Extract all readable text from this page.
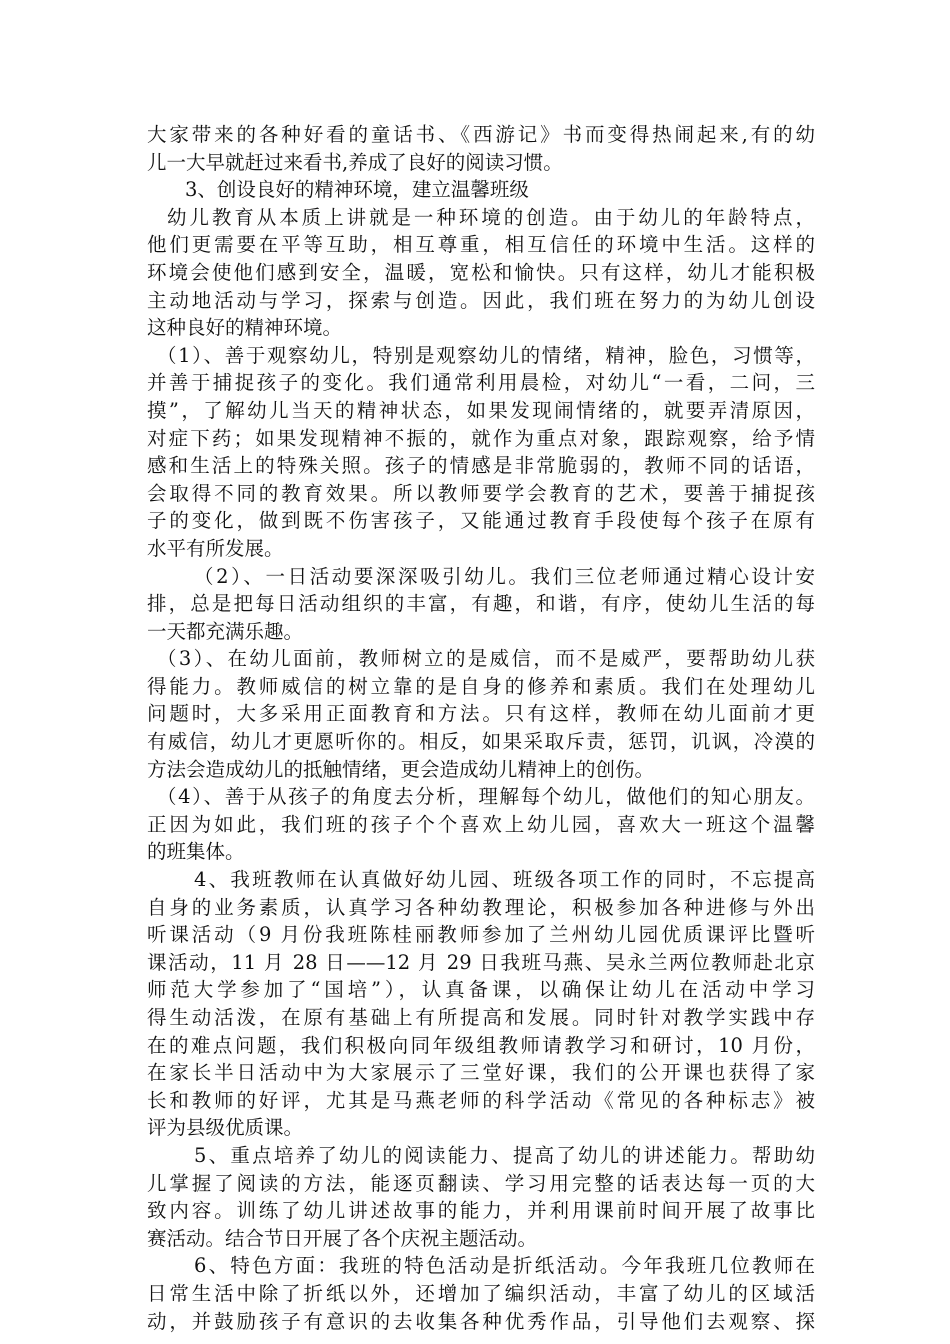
大家带来的各种好看的童话书、《西游记》书而变得热闹起来,有的幼
儿一大早就赶过来看书,养成了良好的阅读习惯。
3、创设良好的精神环境，建立温馨班级
幼儿教育从本质上讲就是一种环境的创造。由于幼儿的年龄特点，
他们更需要在平等互助，相互尊重，相互信任的环境中生活。这样的
环境会使他们感到安全，温暖，宽松和愉快。只有这样，幼儿才能积极
主动地活动与学习，探索与创造。因此，我们班在努力的为幼儿创设
这种良好的精神环境。
（1）、善于观察幼儿，特别是观察幼儿的情绪，精神，脸色，习惯等，
并善于捕捉孩子的变化。我们通常利用晨检，对幼儿“一看，二问，三
摸”，了解幼儿当天的精神状态，如果发现闹情绪的，就要弄清原因，
对症下药；如果发现精神不振的，就作为重点对象，跟踪观察，给予情
感和生活上的特殊关照。孩子的情感是非常脆弱的，教师不同的话语，
会取得不同的教育效果。所以教师要学会教育的艺术，要善于捕捉孩
子的变化，做到既不伤害孩子，又能通过教育手段使每个孩子在原有
水平有所发展。
（2）、一日活动要深深吸引幼儿。我们三位老师通过精心设计安
排，总是把每日活动组织的丰富，有趣，和谐，有序，使幼儿生活的每
一天都充满乐趣。
（3）、在幼儿面前，教师树立的是威信，而不是威严，要帮助幼儿获
得能力。教师威信的树立靠的是自身的修养和素质。我们在处理幼儿
问题时，大多采用正面教育和方法。只有这样，教师在幼儿面前才更
有威信，幼儿才更愿听你的。相反，如果采取斥责，惩罚，讥讽，冷漠的
方法会造成幼儿的抵触情绪，更会造成幼儿精神上的创伤。
（4）、善于从孩子的角度去分析，理解每个幼儿，做他们的知心朋友。
正因为如此，我们班的孩子个个喜欢上幼儿园，喜欢大一班这个温馨
的班集体。
4、我班教师在认真做好幼儿园、班级各项工作的同时，不忘提高
自身的业务素质，认真学习各种幼教理论，积极参加各种进修与外出
听课活动（9 月份我班陈桂丽教师参加了兰州幼儿园优质课评比暨听
课活动，11 月 28 日——12 月 29 日我班马燕、吴永兰两位教师赴北京
师范大学参加了“国培”），认真备课，以确保让幼儿在活动中学习
得生动活泼，在原有基础上有所提高和发展。同时针对教学实践中存
在的难点问题，我们积极向同年级组教师请教学习和研讨，10 月份，
在家长半日活动中为大家展示了三堂好课，我们的公开课也获得了家
长和教师的好评，尤其是马燕老师的科学活动《常见的各种标志》被
评为县级优质课。
5、重点培养了幼儿的阅读能力、提高了幼儿的讲述能力。帮助幼
儿掌握了阅读的方法，能逐页翻读、学习用完整的话表达每一页的大
致内容。训练了幼儿讲述故事的能力，并利用课前时间开展了故事比
赛活动。结合节日开展了各个庆祝主题活动。
6、特色方面：我班的特色活动是折纸活动。今年我班几位教师在
日常生活中除了折纸以外，还增加了编织活动，丰富了幼儿的区域活
动，并鼓励孩子有意识的去收集各种优秀作品，引导他们去观察、探
